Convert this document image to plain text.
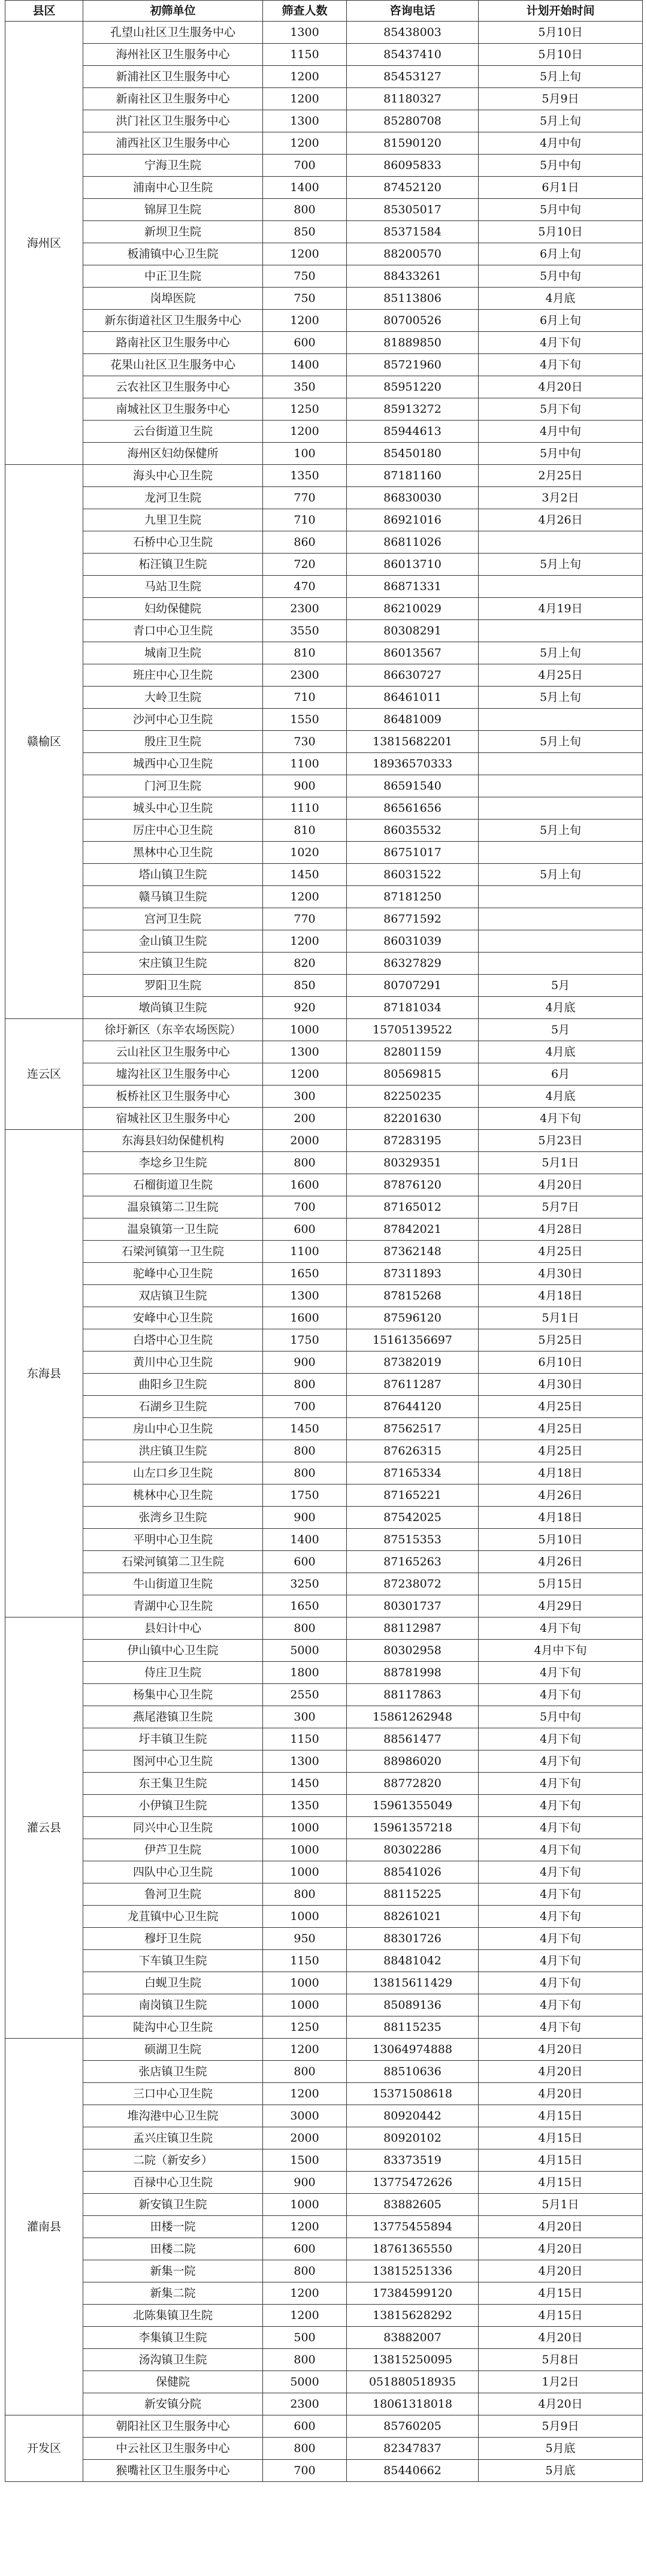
县区	初筛单位	筛查人数	咨询电话	计划开始时间
海州区	孔望山社区卫生服务中心	1300	85438003	5月10日
	海州社区卫生服务中心	1150	85437410	5月10日
	新浦社区卫生服务中心	1200	85453127	5月上旬
	新南社区卫生服务中心	1200	81180327	5月9日
	洪门社区卫生服务中心	1300	85280708	5月上旬
	浦西社区卫生服务中心	1200	81590120	4月中旬
	宁海卫生院	700	86095833	5月中旬
	浦南中心卫生院	1400	87452120	6月1日
	锦屏卫生院	800	85305017	5月中旬
	新坝卫生院	850	85371584	5月10日
	板浦镇中心卫生院	1200	88200570	6月上旬
	中正卫生院	750	88433261	5月中旬
	岗埠医院	750	85113806	4月底
	新东街道社区卫生服务中心	1200	80700526	6月上旬
	路南社区卫生服务中心	600	81889850	4月下旬
	花果山社区卫生服务中心	1400	85721960	4月下旬
	云农社区卫生服务中心	350	85951220	4月20日
	南城社区卫生服务中心	1250	85913272	5月下旬
	云台街道卫生院	1200	85944613	4月中旬
	海州区妇幼保健所	100	85450180	5月中旬
赣榆区	海头中心卫生院	1350	87181160	2月25日
	龙河卫生院	770	86830030	3月2日
	九里卫生院	710	86921016	4月26日
	石桥中心卫生院	860	86811026	
	柘汪镇卫生院	720	86013710	5月上旬
	马站卫生院	470	86871331	
	妇幼保健院	2300	86210029	4月19日
	青口中心卫生院	3550	80308291	
	城南卫生院	810	86013567	5月上旬
	班庄中心卫生院	2300	86630727	4月25日
	大岭卫生院	710	86461011	5月上旬
	沙河中心卫生院	1550	86481009	
	殷庄卫生院	730	13815682201	5月上旬
	城西中心卫生院	1100	18936570333	
	门河卫生院	900	86591540	
	城头中心卫生院	1110	86561656	
	厉庄中心卫生院	810	86035532	5月上旬
	黑林中心卫生院	1020	86751017	
	塔山镇卫生院	1450	86031522	5月上旬
	赣马镇卫生院	1200	87181250	
	宫河卫生院	770	86771592	
	金山镇卫生院	1200	86031039	
	宋庄镇卫生院	820	86327829	
	罗阳卫生院	850	80707291	5月
	墩尚镇卫生院	920	87181034	4月底
连云区	徐圩新区（东辛农场医院）	1000	15705139522	5月
	云山社区卫生服务中心	1300	82801159	4月底
	墟沟社区卫生服务中心	1200	80569815	6月
	板桥社区卫生服务中心	300	82250235	4月底
	宿城社区卫生服务中心	200	82201630	4月下旬
东海县	东海县妇幼保健机构	2000	87283195	5月23日
	李埝乡卫生院	800	80329351	5月1日
	石榴街道卫生院	1600	87876120	4月20日
	温泉镇第二卫生院	700	87165012	5月7日
	温泉镇第一卫生院	600	87842021	4月28日
	石梁河镇第一卫生院	1100	87362148	4月25日
	驼峰中心卫生院	1650	87311893	4月30日
	双店镇卫生院	1300	87815268	4月18日
	安峰中心卫生院	1600	87596120	5月1日
	白塔中心卫生院	1750	15161356697	5月25日
	黄川中心卫生院	900	87382019	6月10日
	曲阳乡卫生院	800	87611287	4月30日
	石湖乡卫生院	700	87644120	4月25日
	房山中心卫生院	1450	87562517	4月25日
	洪庄镇卫生院	800	87626315	4月25日
	山左口乡卫生院	800	87165334	4月18日
	桃林中心卫生院	1750	87165221	4月26日
	张湾乡卫生院	900	87542025	4月18日
	平明中心卫生院	1400	87515353	5月10日
	石梁河镇第二卫生院	600	87165263	4月26日
	牛山街道卫生院	3250	87238072	5月15日
	青湖中心卫生院	1650	80301737	4月29日
灌云县	县妇计中心	800	88112987	4月下旬
	伊山镇中心卫生院	5000	80302958	4月中下旬
	侍庄卫生院	1800	88781998	4月下旬
	杨集中心卫生院	2550	88117863	4月下旬
	燕尾港镇卫生院	300	15861262948	5月中旬
	圩丰镇卫生院	1150	88561477	4月下旬
	图河中心卫生院	1300	88986020	4月下旬
	东王集卫生院	1450	88772820	4月下旬
	小伊镇卫生院	1350	15961355049	4月下旬
	同兴中心卫生院	1000	15961357218	4月下旬
	伊芦卫生院	1000	80302286	4月下旬
	四队中心卫生院	1000	88541026	4月下旬
	鲁河卫生院	800	88115225	4月下旬
	龙苴镇中心卫生院	1000	88261021	4月下旬
	穆圩卫生院	950	88301726	4月下旬
	下车镇卫生院	1150	88481042	4月下旬
	白蚬卫生院	1000	13815611429	4月下旬
	南岗镇卫生院	1000	85089136	4月下旬
	陡沟中心卫生院	1250	88115235	4月下旬
灌南县	硕湖卫生院	1200	13064974888	4月20日
	张店镇卫生院	800	88510636	4月20日
	三口中心卫生院	1200	15371508618	4月20日
	堆沟港中心卫生院	3000	80920442	4月15日
	孟兴庄镇卫生院	2000	80920102	4月15日
	二院（新安乡）	1500	83373519	4月15日
	百禄中心卫生院	900	13775472626	4月15日
	新安镇卫生院	1000	83882605	5月1日
	田楼一院	1200	13775455894	4月20日
	田楼二院	600	18761365550	4月20日
	新集一院	800	13815251336	4月20日
	新集二院	1200	17384599120	4月15日
	北陈集镇卫生院	1200	13815628292	4月15日
	李集镇卫生院	500	83882007	4月20日
	汤沟镇卫生院	800	13815250095	5月8日
	保健院	5000	051880518935	1月2日
	新安镇分院	2300	18061318018	4月20日
开发区	朝阳社区卫生服务中心	600	85760205	5月9日
	中云社区卫生服务中心	800	82347837	5月底
	猴嘴社区卫生服务中心	700	85440662	5月底
